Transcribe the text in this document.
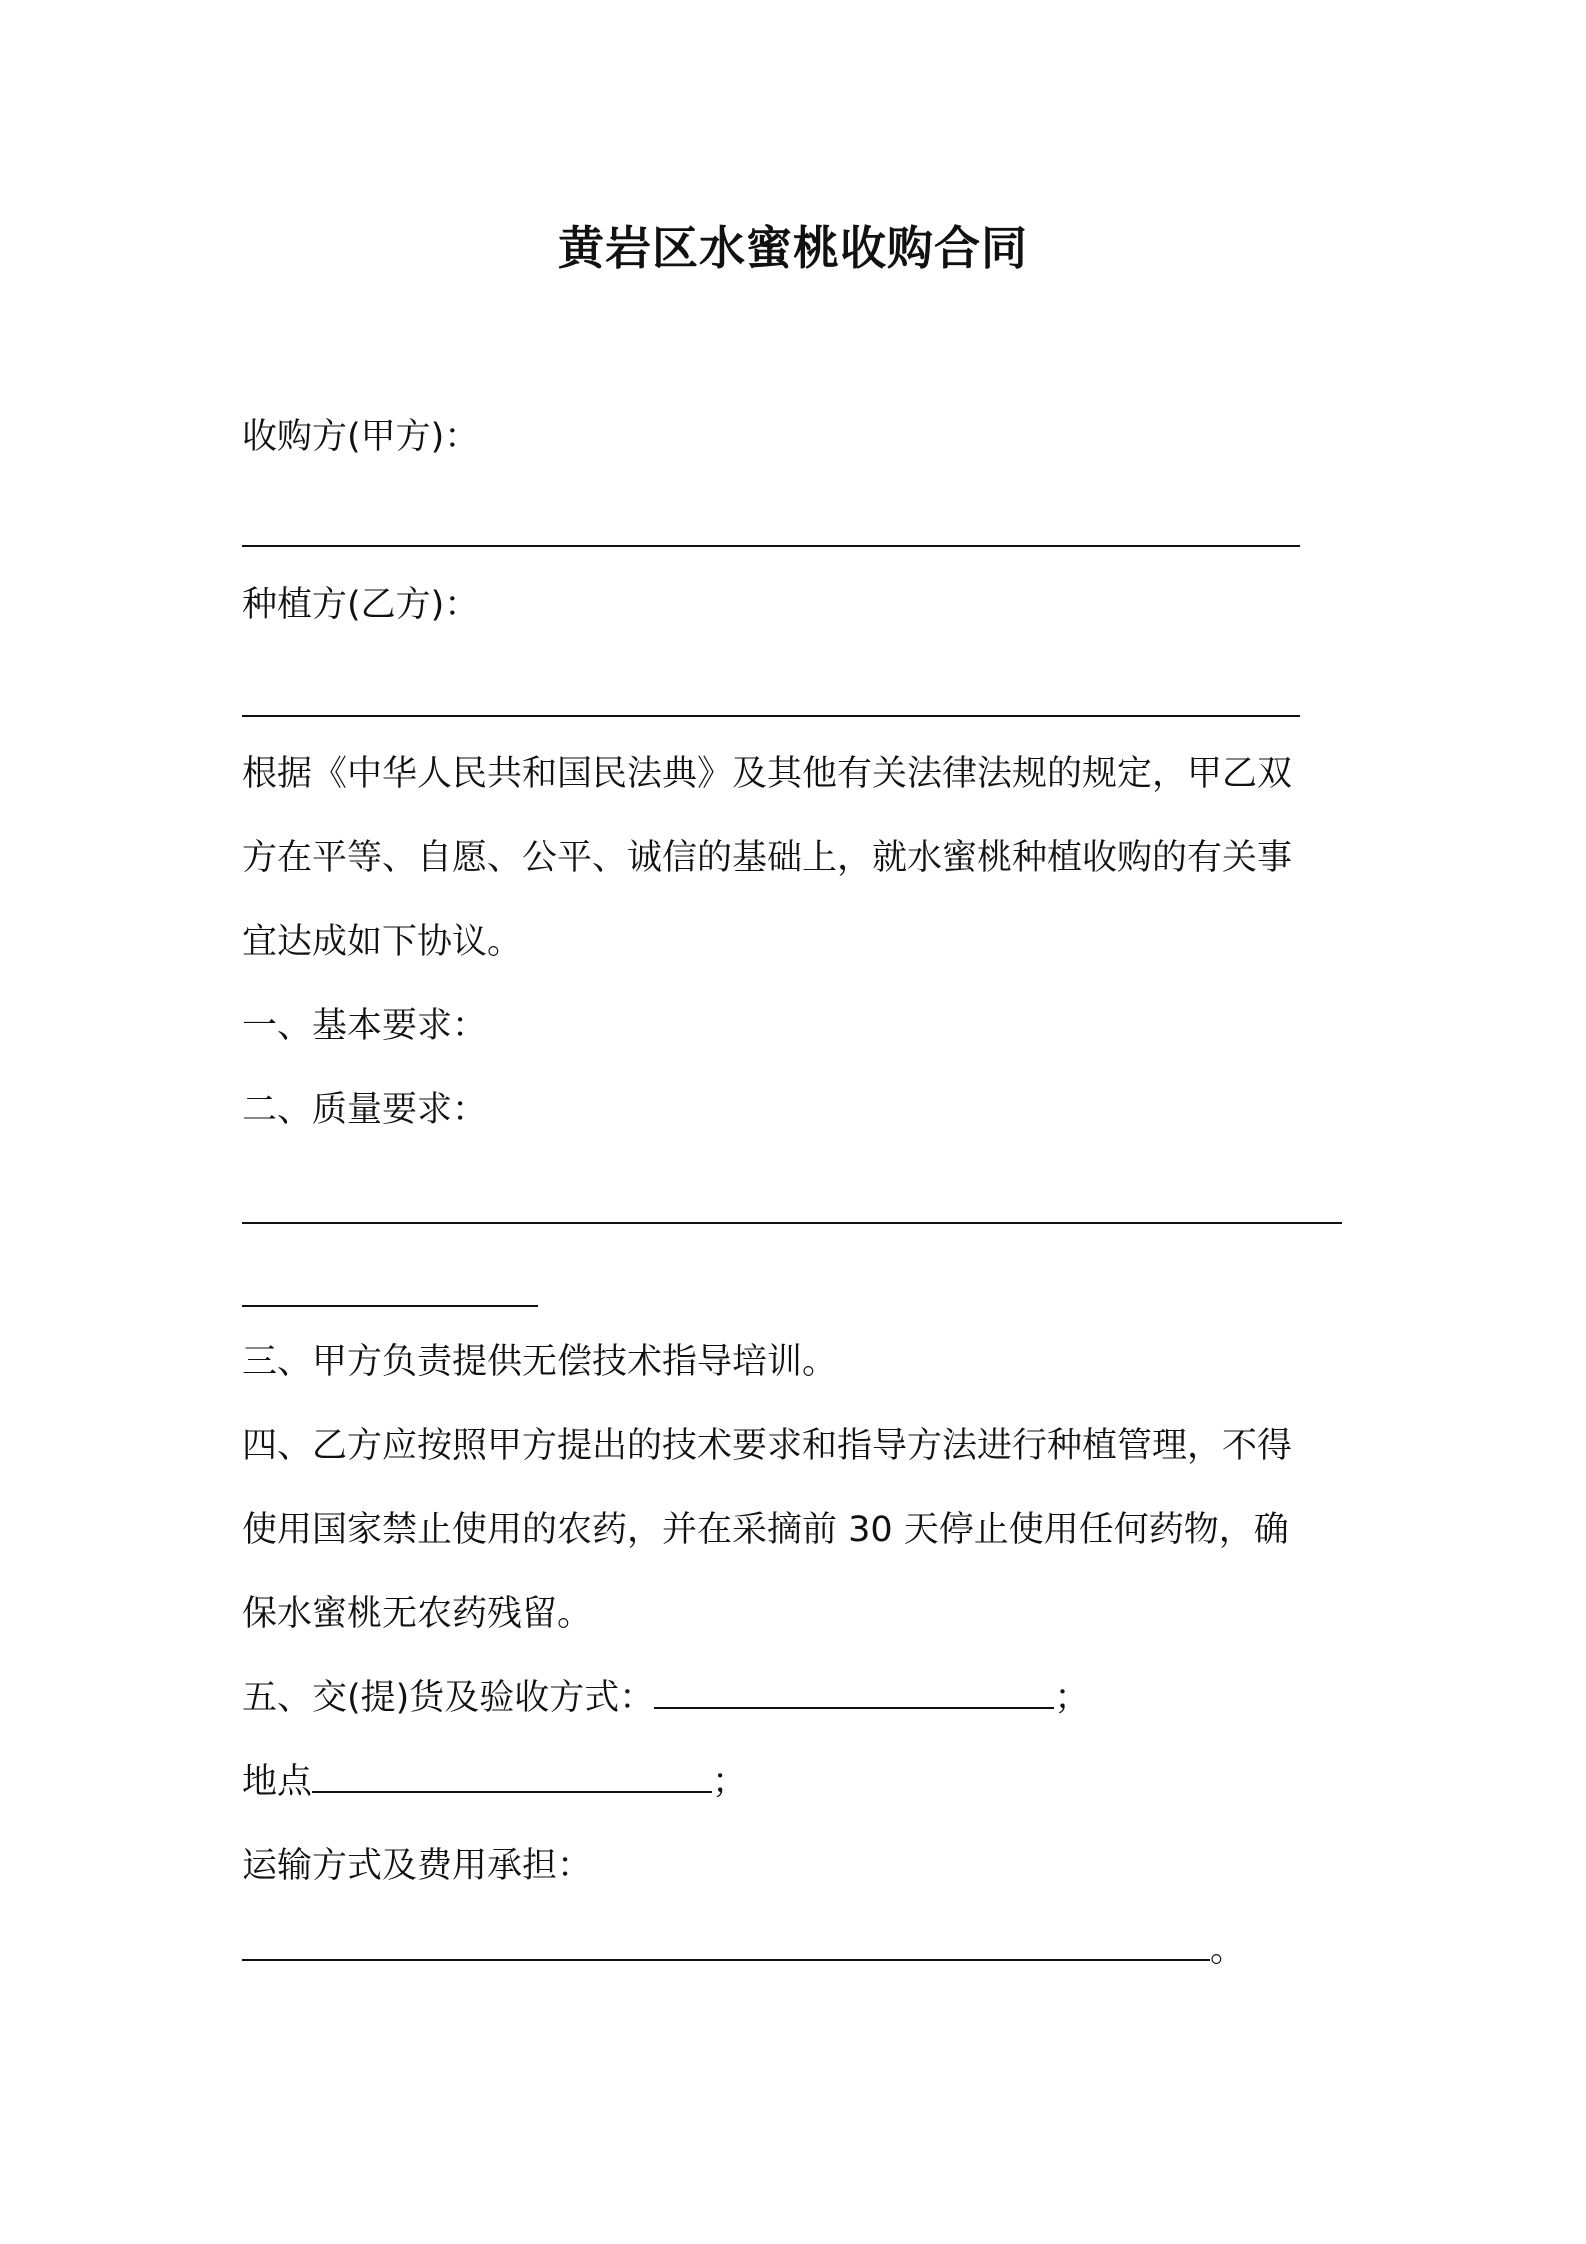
黄岩区水蜜桃收购合同
收购方(甲方)：
种植方(乙方)：
根据《中华人民共和国民法典》及其他有关法律法规的规定，甲乙双
方在平等、自愿、公平、诚信的基础上，就水蜜桃种植收购的有关事
宜达成如下协议。
一、基本要求：
二、质量要求：
三、甲方负责提供无偿技术指导培训。
四、乙方应按照甲方提出的技术要求和指导方法进行种植管理，不得
使用国家禁止使用的农药，并在采摘前 30 天停止使用任何药物，确
保水蜜桃无农药残留。
五、交(提)货及验收方式：	；
地点	；
运输方式及费用承担：
。
